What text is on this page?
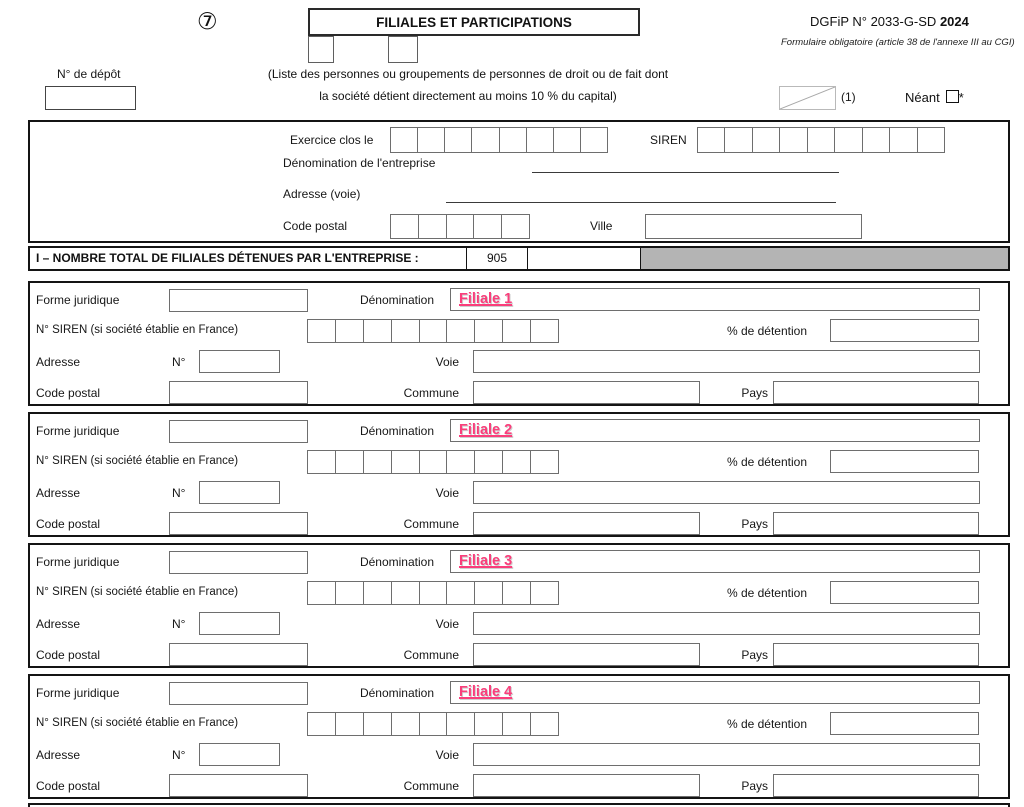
⑦	FILIALES ET PARTICIPATIONS	DGFiP N° 2033-G-SD 2024
Formulaire obligatoire (article 38 de l'annexe III au CGI)
N° de dépôt	(Liste des personnes ou groupements de personnes de droit ou de fait dont
la société détient directement au moins 10 % du capital)	(1)	Néant *
Exercice clos le	SIREN
Dénomination de l'entreprise
Adresse (voie)
Code postal	Ville
I – NOMBRE TOTAL DE FILIALES DÉTENUES PAR L'ENTREPRISE :	905
Forme juridique	Dénomination	Filiale 1
N° SIREN (si société établie en France)	% de détention
Adresse	N°	Voie
Code postal	Commune	Pays
Forme juridique	Dénomination	Filiale 2
N° SIREN (si société établie en France)	% de détention
Adresse	N°	Voie
Code postal	Commune	Pays
Forme juridique	Dénomination	Filiale 3
N° SIREN (si société établie en France)	% de détention
Adresse	N°	Voie
Code postal	Commune	Pays
Forme juridique	Dénomination	Filiale 4
N° SIREN (si société établie en France)	% de détention
Adresse	N°	Voie
Code postal	Commune	Pays
